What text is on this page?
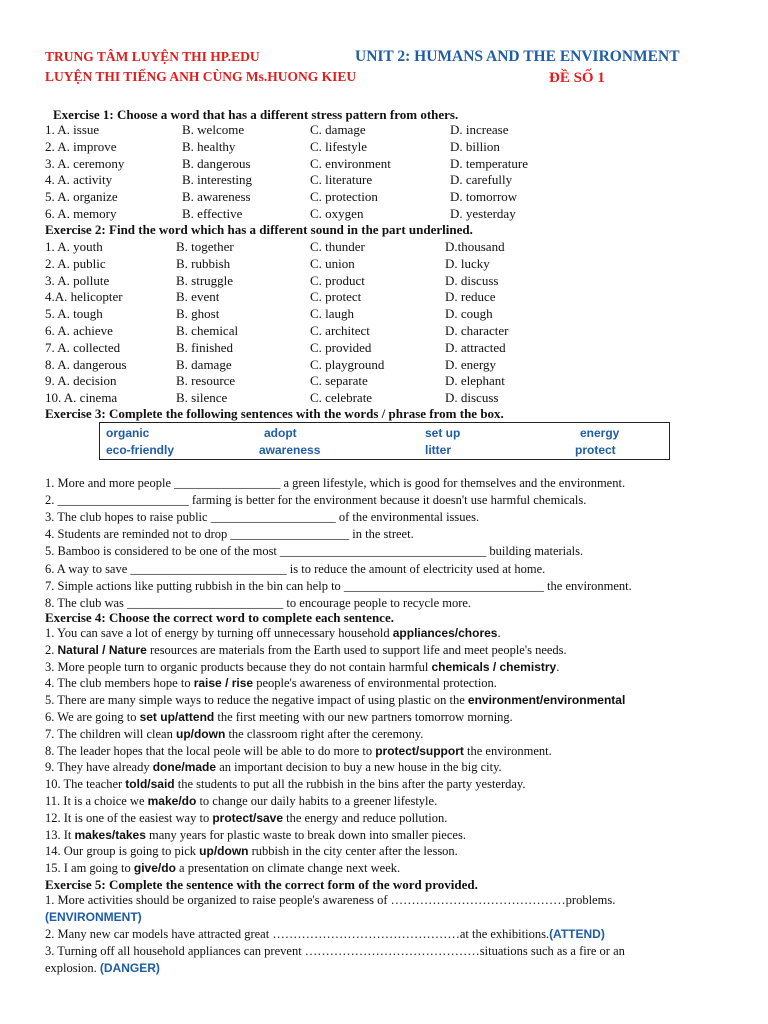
TRUNG TÂM LUYỆN THI HP.EDU
LUYỆN THI TIẾNG ANH CÙNG Ms.HUONG KIEU
UNIT 2: HUMANS AND THE ENVIRONMENT
ĐỀ SỐ 1
Exercise 1: Choose a word that has a different stress pattern from others.
1. A. issue	B. welcome	C. damage	D. increase
2. A. improve	B. healthy	C. lifestyle	D. billion
3. A. ceremony	B. dangerous	C. environment	D. temperature
4. A. activity	B. interesting	C. literature	D. carefully
5. A. organize	B. awareness	C. protection	D. tomorrow
6. A. memory	B. effective	C. oxygen	D. yesterday
Exercise 2: Find the word which has a different sound in the part underlined.
1. A. youth	B. together	C. thunder	D.thousand
2. A. public	B. rubbish	C. union	D. lucky
3. A. pollute	B. struggle	C. product	D. discuss
4.A. helicopter	B. event	C. protect	D. reduce
5. A. tough	B. ghost	C. laugh	D. cough
6. A. achieve	B. chemical	C. architect	D. character
7. A. collected	B. finished	C. provided	D. attracted
8. A. dangerous	B. damage	C. playground	D. energy
9. A. decision	B. resource	C. separate	D. elephant
10. A. cinema	B. silence	C. celebrate	D. discuss
Exercise 3: Complete the following sentences with the words / phrase from the box.
organic	adopt	set up	energy
eco-friendly	awareness	litter	protect
1. More and more people _________________ a green lifestyle, which is good for themselves and the environment.
2. _____________________ farming is better for the environment because it doesn't use harmful chemicals.
3. The club hopes to raise public ____________________ of the environmental issues.
4. Students are reminded not to drop ___________________ in the street.
5. Bamboo is considered to be one of the most _________________________________ building materials.
6. A way to save _________________________ is to reduce the amount of electricity used at home.
7. Simple actions like putting rubbish in the bin can help to ________________________________ the environment.
8. The club was _________________________ to encourage people to recycle more.
Exercise 4: Choose the correct word to complete each sentence.
1. You can save a lot of energy by turning off unnecessary household appliances/chores.
2. Natural / Nature resources are materials from the Earth used to support life and meet people's needs.
3. More people turn to organic products because they do not contain harmful chemicals / chemistry.
4. The club members hope to raise / rise people's awareness of environmental protection.
5. There are many simple ways to reduce the negative impact of using plastic on the environment/environmental
6. We are going to set up/attend the first meeting with our new partners tomorrow morning.
7. The children will clean up/down the classroom right after the ceremony.
8. The leader hopes that the local peole will be able to do more to protect/support the environment.
9. They have already done/made an important decision to buy a new house in the big city.
10. The teacher told/said the students to put all the rubbish in the bins after the party yesterday.
11. It is a choice we make/do to change our daily habits to a greener lifestyle.
12. It is one of the easiest way to protect/save the energy and reduce pollution.
13. It makes/takes many years for plastic waste to break down into smaller pieces.
14. Our group is going to pick up/down rubbish in the city center after the lesson.
15. I am going to give/do a presentation on climate change next week.
Exercise 5: Complete the sentence with the correct form of the word provided.
1. More activities should be organized to raise people's awareness of ……………………………………problems.
(ENVIRONMENT)
2. Many new car models have attracted great ………………………………………at the exhibitions.(ATTEND)
3. Turning off all household appliances can prevent ……………………………………situations such as a fire or an
explosion. (DANGER)
